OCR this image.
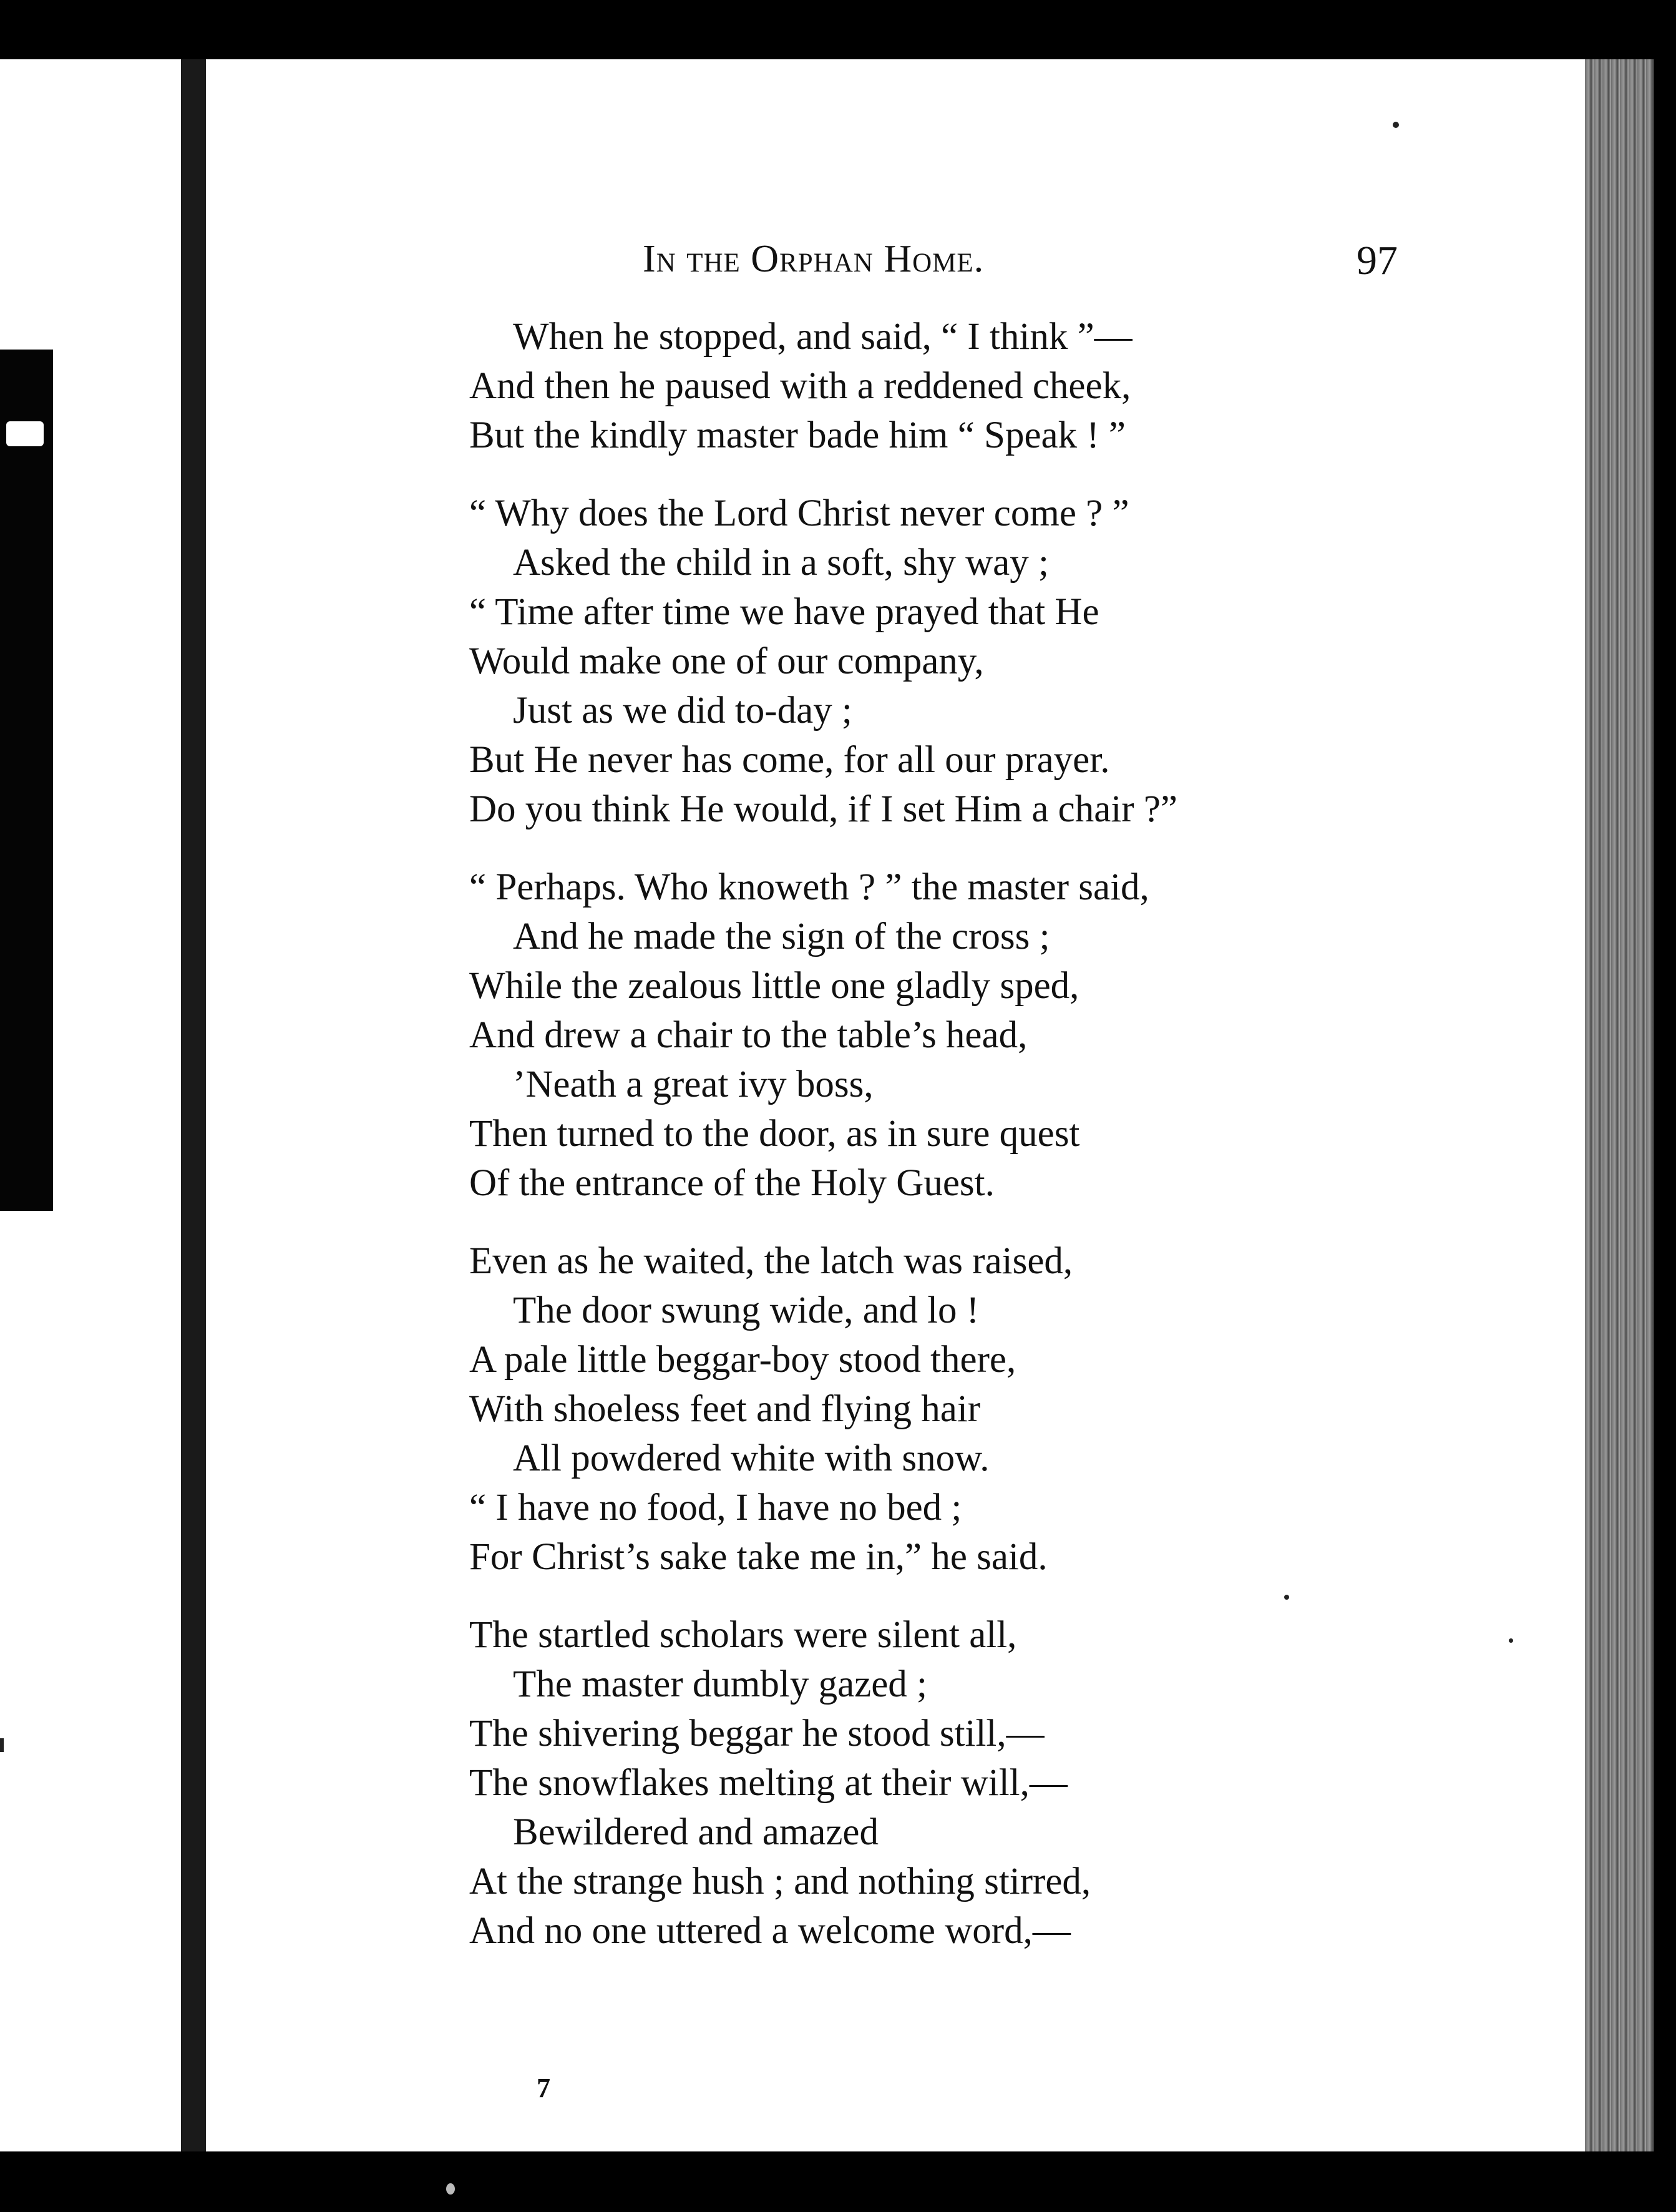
In the Orphan Home.	97
When he stopped, and said, “ I think ”—
And then he paused with a reddened cheek,
But the kindly master bade him “ Speak ! ”
“ Why does the Lord Christ never come ? ”
Asked the child in a soft, shy way ;
“ Time after time we have prayed that He
Would make one of our company,
Just as we did to-day ;
But He never has come, for all our prayer.
Do you think He would, if I set Him a chair ?”
“ Perhaps. Who knoweth ? ” the master said,
And he made the sign of the cross ;
While the zealous little one gladly sped,
And drew a chair to the table’s head,
’Neath a great ivy boss,
Then turned to the door, as in sure quest
Of the entrance of the Holy Guest.
Even as he waited, the latch was raised,
The door swung wide, and lo !
A pale little beggar-boy stood there,
With shoeless feet and flying hair
All powdered white with snow.
“ I have no food, I have no bed ;
For Christ’s sake take me in,” he said.
The startled scholars were silent all,
The master dumbly gazed ;
The shivering beggar he stood still,—
The snowflakes melting at their will,—
Bewildered and amazed
At the strange hush ; and nothing stirred,
And no one uttered a welcome word,—
7
